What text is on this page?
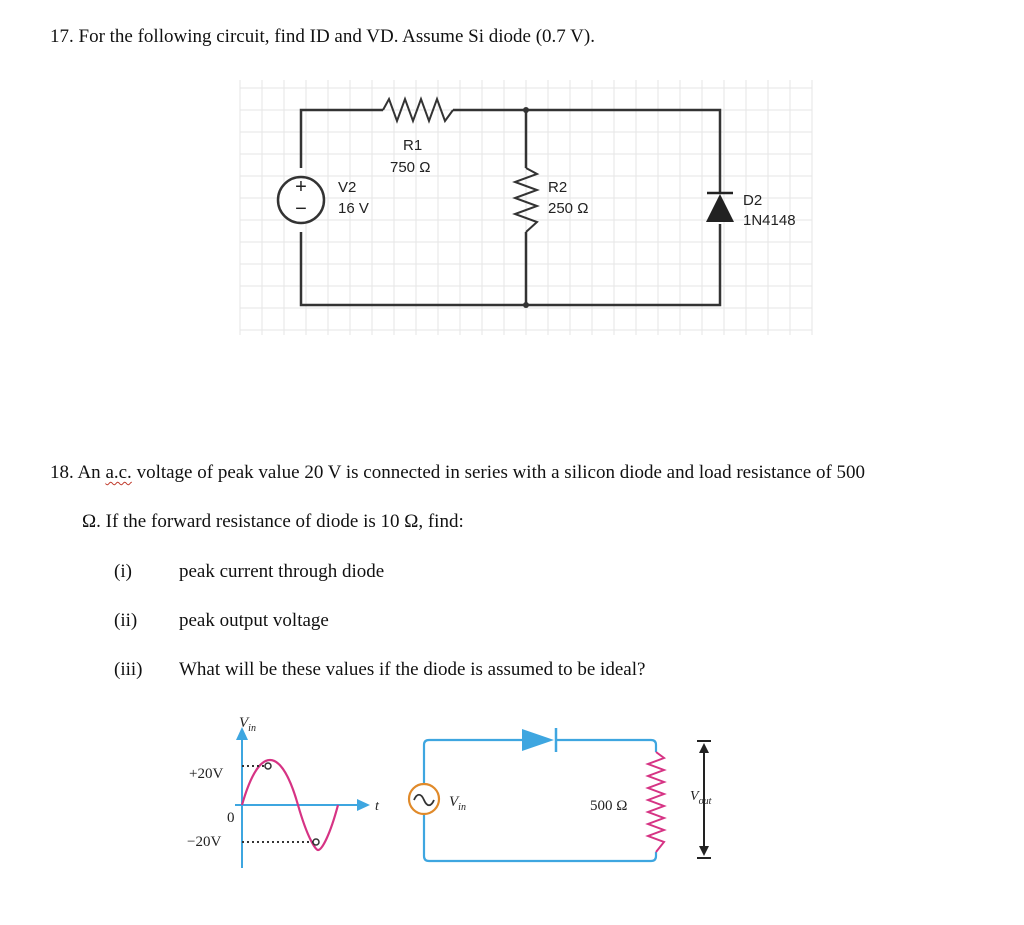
17. For the following circuit, find ID and VD. Assume Si diode (0.7 V).
+
−
R1
750 Ω
V2
16 V
R2
250 Ω	D2
1N4148
18. An a.c. voltage of peak value 20 V is connected in series with a silicon diode and load resistance of 500
Ω. If the forward resistance of diode is 10 Ω, find:
(i) peak current through diode
(ii) peak output voltage
(iii) What will be these values if the diode is assumed to be ideal?
$V_{in}$
+20V
0
−20V
t	$V_{in}$	500 Ω
$V_{out}$
